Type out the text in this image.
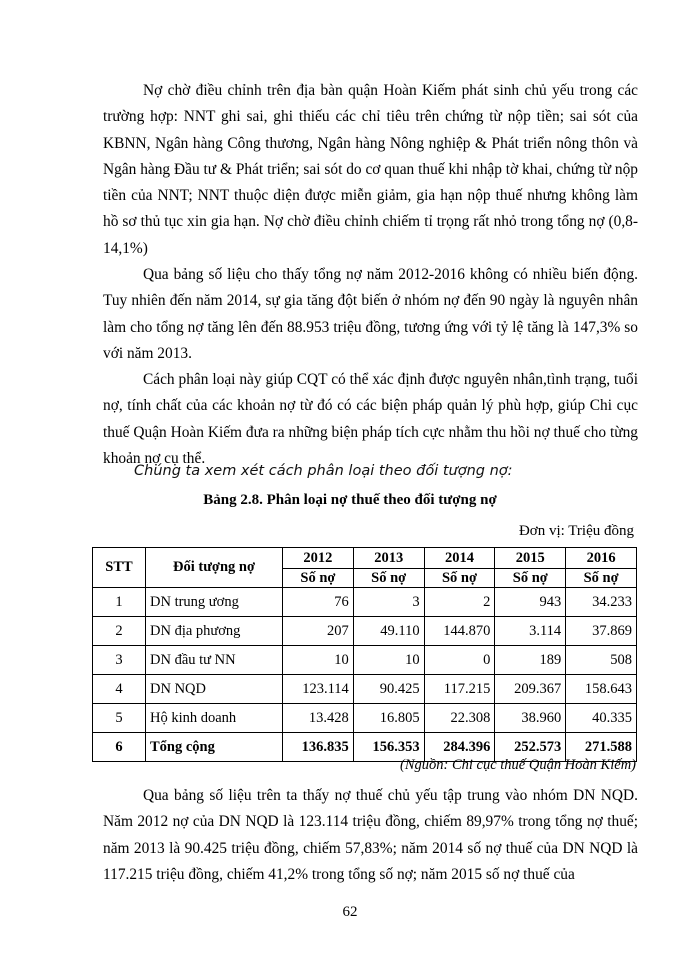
Nợ chờ điều chỉnh trên địa bàn quận Hoàn Kiếm phát sinh chủ yếu trong các trường hợp: NNT ghi sai, ghi thiếu các chỉ tiêu trên chứng từ nộp tiền; sai sót của KBNN, Ngân hàng Công thương, Ngân hàng Nông nghiệp & Phát triển nông thôn và Ngân hàng Đầu tư & Phát triển; sai sót do cơ quan thuế khi nhập tờ khai, chứng từ nộp tiền của NNT; NNT thuộc diện được miễn giảm, gia hạn nộp thuế nhưng không làm hồ sơ thủ tục xin gia hạn. Nợ chờ điều chỉnh chiếm tỉ trọng rất nhỏ trong tổng nợ (0,8-14,1%)

Qua bảng số liệu cho thấy tổng nợ năm 2012-2016 không có nhiều biến động. Tuy nhiên đến năm 2014, sự gia tăng đột biến ở nhóm nợ đến 90 ngày là nguyên nhân làm cho tổng nợ tăng lên đến 88.953 triệu đồng, tương ứng với tỷ lệ tăng là 147,3% so với năm 2013.

Cách phân loại này giúp CQT có thể xác định được nguyên nhân,tình trạng, tuổi nợ, tính chất của các khoản nợ từ đó có các biện pháp quản lý phù hợp, giúp Chi cục thuế Quận Hoàn Kiếm đưa ra những biện pháp tích cực nhằm thu hồi nợ thuế cho từng khoản nợ cụ thể.

Chúng ta xem xét cách phân loại theo đối tượng nợ:
Bảng 2.8. Phân loại nợ thuế theo đối tượng nợ
Đơn vị: Triệu đồng
STT	Đối tượng nợ	2012	2013	2014	2015	2016
		Số nợ	Số nợ	Số nợ	Số nợ	Số nợ
1	DN trung ương	76	3	2	943	34.233
2	DN địa phương	207	49.110	144.870	3.114	37.869
3	DN đầu tư NN	10	10	0	189	508
4	DN NQD	123.114	90.425	117.215	209.367	158.643
5	Hộ kinh doanh	13.428	16.805	22.308	38.960	40.335
6	Tổng cộng	136.835	156.353	284.396	252.573	271.588
(Nguồn: Chi cục thuế Quận Hoàn Kiếm)

Qua bảng số liệu trên ta thấy nợ thuế chủ yếu tập trung vào nhóm DN NQD. Năm 2012 nợ của DN NQD là 123.114 triệu đồng, chiếm 89,97% trong tổng nợ thuế; năm 2013 là 90.425 triệu đồng, chiếm 57,83%; năm 2014 số nợ thuế của DN NQD là 117.215 triệu đồng, chiếm 41,2% trong tổng số nợ; năm 2015 số nợ thuế của

62
